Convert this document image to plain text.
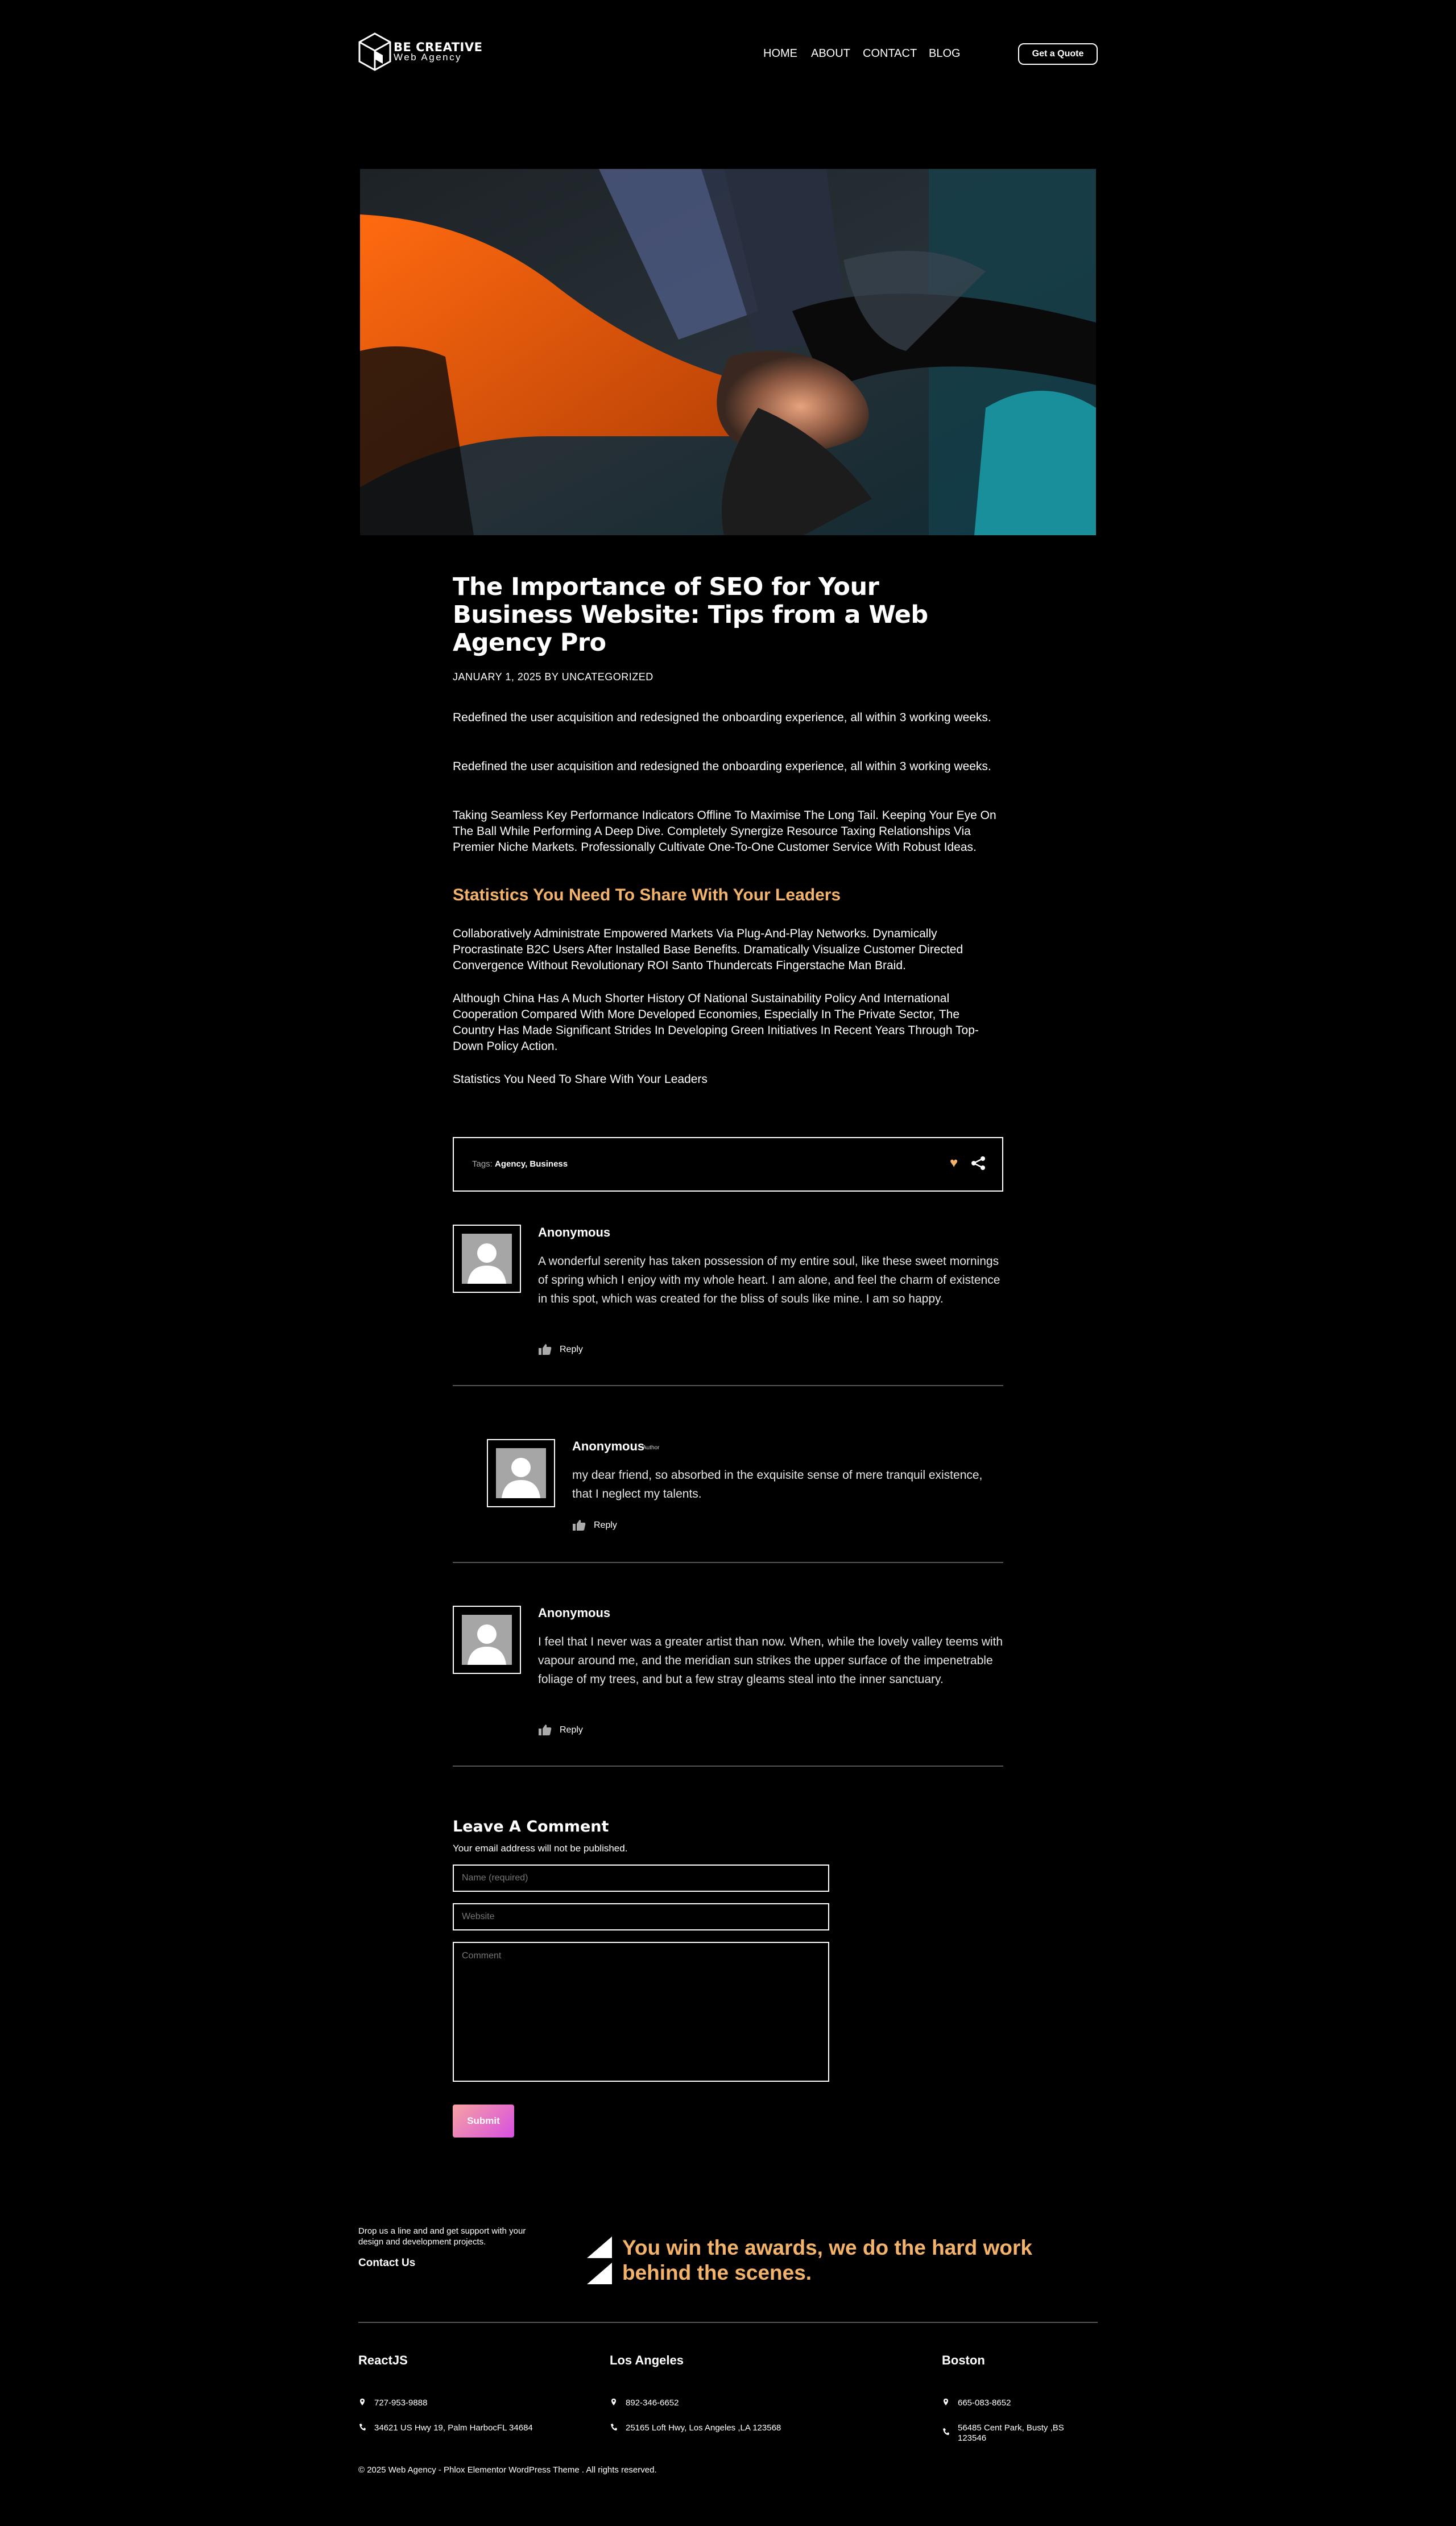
BE CREATIVE
Web Agency	HOME ABOUT CONTACT BLOG	Get a Quote
The Importance of SEO for Your Business Website: Tips from a Web Agency Pro
JANUARY 1, 2025 BY UNCATEGORIZED

Redefined the user acquisition and redesigned the onboarding experience, all within 3 working weeks.

Redefined the user acquisition and redesigned the onboarding experience, all within 3 working weeks.

Taking Seamless Key Performance Indicators Offline To Maximise The Long Tail. Keeping Your Eye On The Ball While Performing A Deep Dive. Completely Synergize Resource Taxing Relationships Via Premier Niche Markets. Professionally Cultivate One-To-One Customer Service With Robust Ideas.

Statistics You Need To Share With Your Leaders

Collaboratively Administrate Empowered Markets Via Plug-And-Play Networks. Dynamically Procrastinate B2C Users After Installed Base Benefits. Dramatically Visualize Customer Directed Convergence Without Revolutionary ROI Santo Thundercats Fingerstache Man Braid.

Although China Has A Much Shorter History Of National Sustainability Policy And International Cooperation Compared With More Developed Economies, Especially In The Private Sector, The Country Has Made Significant Strides In Developing Green Initiatives In Recent Years Through Top-Down Policy Action.

Statistics You Need To Share With Your Leaders

Tags: Agency, Business	♥
Anonymous

A wonderful serenity has taken possession of my entire soul, like these sweet mornings of spring which I enjoy with my whole heart. I am alone, and feel the charm of existence in this spot, which was created for the bliss of souls like mine. I am so happy.

Reply
Anonymous
Author

my dear friend, so absorbed in the exquisite sense of mere tranquil existence, that I neglect my talents.

Reply
Anonymous

I feel that I never was a greater artist than now. When, while the lovely valley teems with vapour around me, and the meridian sun strikes the upper surface of the impenetrable foliage of my trees, and but a few stray gleams steal into the inner sanctuary.

Reply
Leave A Comment
Your email address will not be published.
Name (required)
Website
Comment
Submit

Drop us a line and and get support with your design and development projects.

Contact Us
You win the awards, we do the hard work behind the scenes.
ReactJS
727-953-9888
34621 US Hwy 19, Palm HarbocFL 34684
Los Angeles
892-346-6652
25165 Loft Hwy, Los Angeles ,LA 123568
Boston
665-083-8652
56485 Cent Park, Busty ,BS 123546
© 2025 Web Agency - Phlox Elementor WordPress Theme . All rights reserved.
